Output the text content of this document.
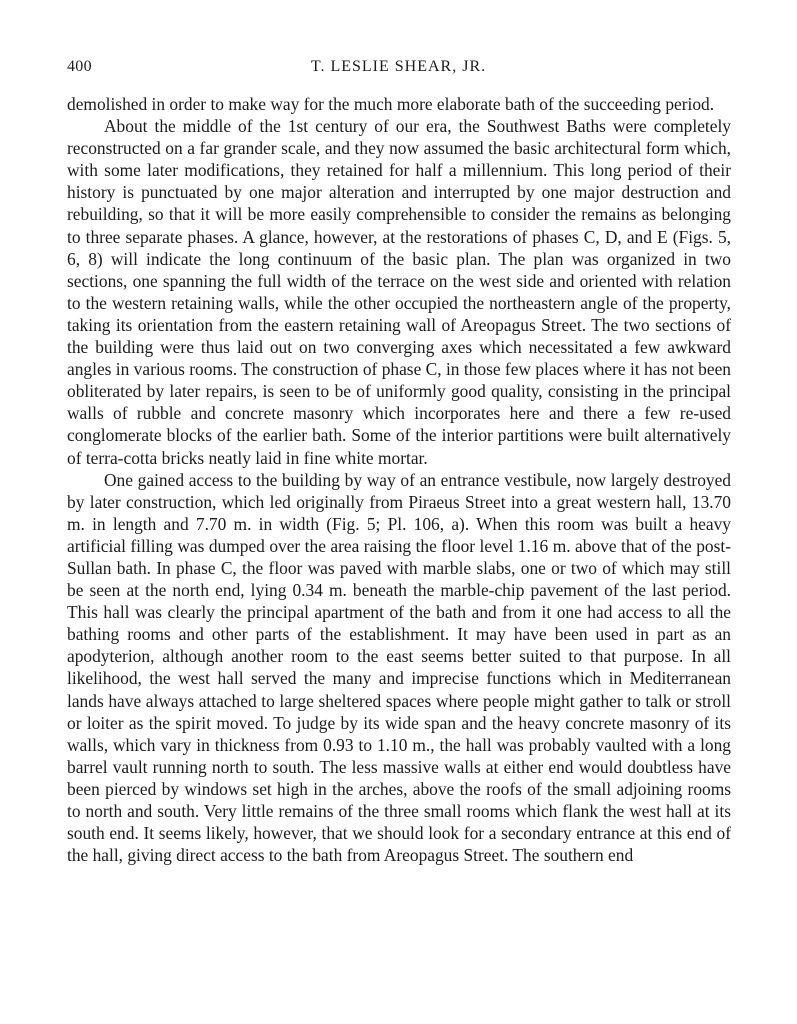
400	T. LESLIE SHEAR, JR.

demolished in order to make way for the much more elaborate bath of the succeeding period.

About the middle of the 1st century of our era, the Southwest Baths were completely reconstructed on a far grander scale, and they now assumed the basic architectural form which, with some later modifications, they retained for half a millennium. This long period of their history is punctuated by one major alteration and interrupted by one major destruction and rebuilding, so that it will be more easily comprehensible to consider the remains as belonging to three separate phases. A glance, however, at the restorations of phases C, D, and E (Figs. 5, 6, 8) will indicate the long continuum of the basic plan. The plan was organized in two sections, one spanning the full width of the terrace on the west side and oriented with relation to the western retaining walls, while the other occupied the northeastern angle of the property, taking its orientation from the eastern retaining wall of Areopagus Street. The two sections of the building were thus laid out on two converging axes which necessitated a few awkward angles in various rooms. The construction of phase C, in those few places where it has not been obliterated by later repairs, is seen to be of uniformly good quality, consisting in the principal walls of rubble and concrete masonry which incorporates here and there a few re-used conglomerate blocks of the earlier bath. Some of the interior partitions were built alternatively of terra-cotta bricks neatly laid in fine white mortar.

One gained access to the building by way of an entrance vestibule, now largely destroyed by later construction, which led originally from Piraeus Street into a great western hall, 13.70 m. in length and 7.70 m. in width (Fig. 5; Pl. 106, a). When this room was built a heavy artificial filling was dumped over the area raising the floor level 1.16 m. above that of the post-Sullan bath. In phase C, the floor was paved with marble slabs, one or two of which may still be seen at the north end, lying 0.34 m. beneath the marble-chip pavement of the last period. This hall was clearly the principal apartment of the bath and from it one had access to all the bathing rooms and other parts of the establishment. It may have been used in part as an apodyterion, although another room to the east seems better suited to that purpose. In all likelihood, the west hall served the many and imprecise functions which in Mediterranean lands have always attached to large sheltered spaces where people might gather to talk or stroll or loiter as the spirit moved. To judge by its wide span and the heavy concrete masonry of its walls, which vary in thickness from 0.93 to 1.10 m., the hall was probably vaulted with a long barrel vault running north to south. The less massive walls at either end would doubtless have been pierced by windows set high in the arches, above the roofs of the small adjoining rooms to north and south. Very little remains of the three small rooms which flank the west hall at its south end. It seems likely, however, that we should look for a secondary entrance at this end of the hall, giving direct access to the bath from Areopagus Street. The southern end
